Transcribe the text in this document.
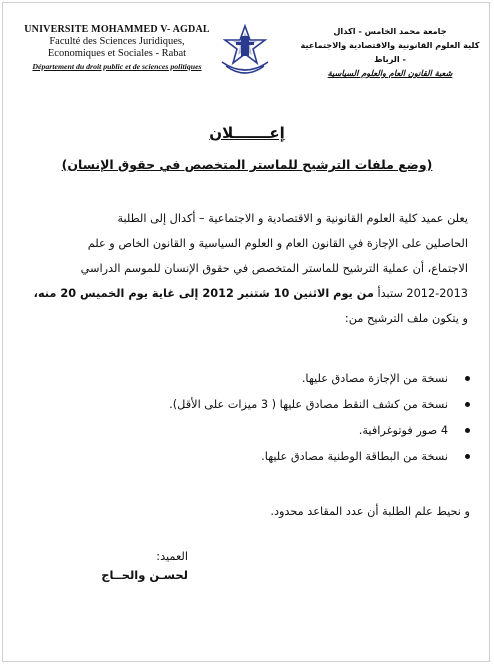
UNIVERSITE MOHAMMED V- AGDAL
Faculté des Sciences Juridiques,
Economiques et Sociales - Rabat
Département du droit public et de sciences politiques
جامعة محمد الخامس - اكدال
كلية العلوم القانونية والاقتصادية والاجتماعية - الرباط
شعبة القانون العام والعلوم السياسية
إعـــــــلان
(وضع ملفات الترشيح للماستر المتخصص في حقوق الإنسان)
يعلن عميد كلية العلوم القانونية و الاقتصادية و الاجتماعية – أكدال إلى الطلبة
الحاصلين على الإجازة في القانون العام و العلوم السياسية و القانون الخاص و علم
الاجتماع، أن عملية الترشيح للماستر المتخصص في حقوق الإنسان للموسم الدراسي
2012-2013 ستبدأ من يوم الاثنين 10 شتنبر 2012 إلى غاية يوم الخميس 20 منه،
و يتكون ملف الترشيح من:
نسخة من الإجازة مصادق عليها.
نسخة من كشف النقط مصادق عليها ( 3 ميزات على الأقل).
4 صور فوتوغرافية.
نسخة من البطاقة الوطنية مصادق عليها.
و نحيط علم الطلبة أن عدد المقاعد محدود.
العميد:
لحسـن والحــاج
